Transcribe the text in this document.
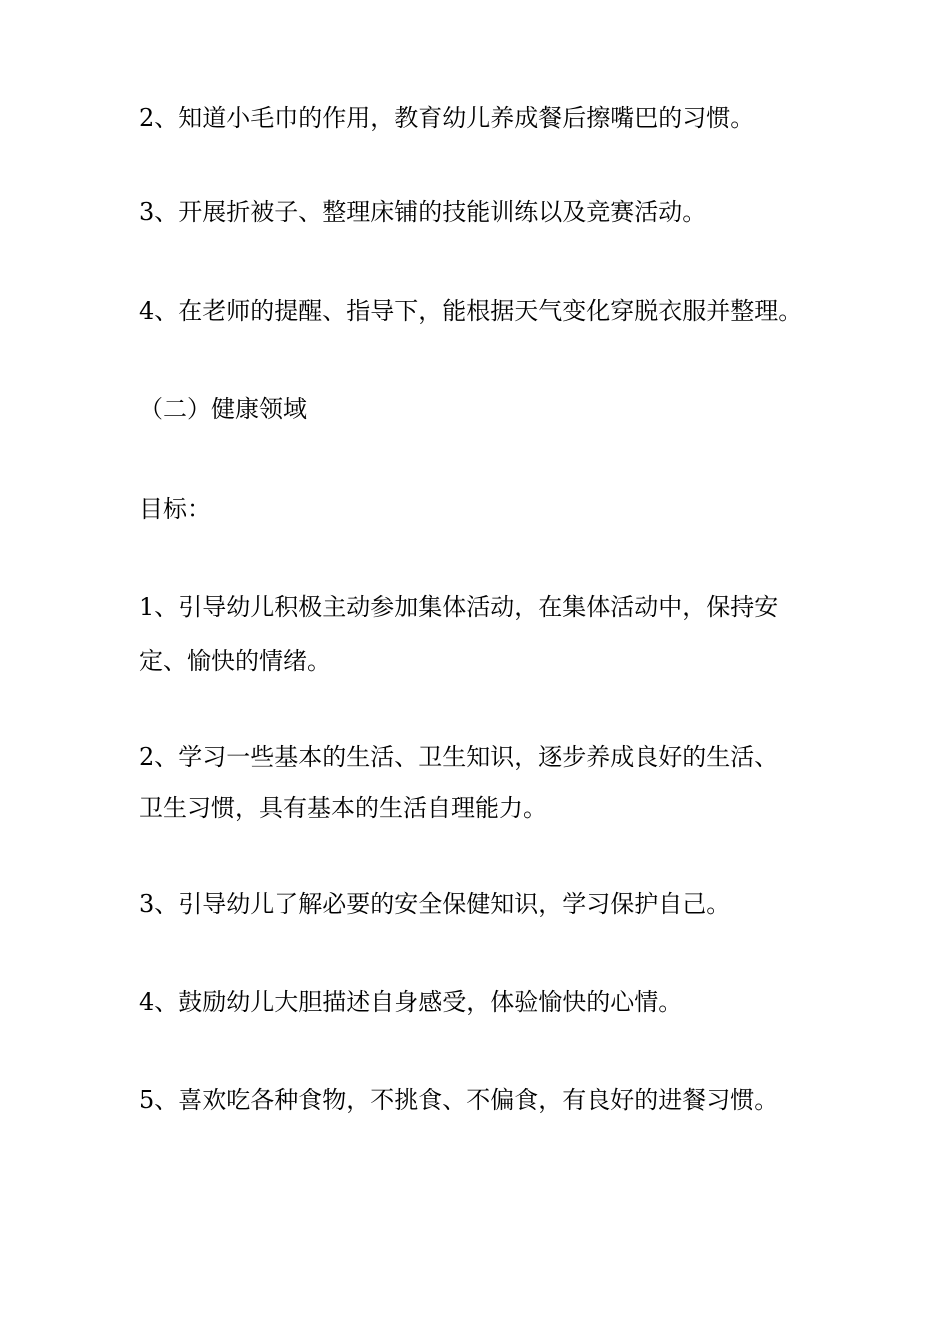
2、知道小毛巾的作用，教育幼儿养成餐后擦嘴巴的习惯。
3、开展折被子、整理床铺的技能训练以及竞赛活动。
4、在老师的提醒、指导下，能根据天气变化穿脱衣服并整理。
（二）健康领域
目标：
1、引导幼儿积极主动参加集体活动，在集体活动中，保持安
定、愉快的情绪。
2、学习一些基本的生活、卫生知识，逐步养成良好的生活、
卫生习惯，具有基本的生活自理能力。
3、引导幼儿了解必要的安全保健知识，学习保护自己。
4、鼓励幼儿大胆描述自身感受，体验愉快的心情。
5、喜欢吃各种食物，不挑食、不偏食，有良好的进餐习惯。
